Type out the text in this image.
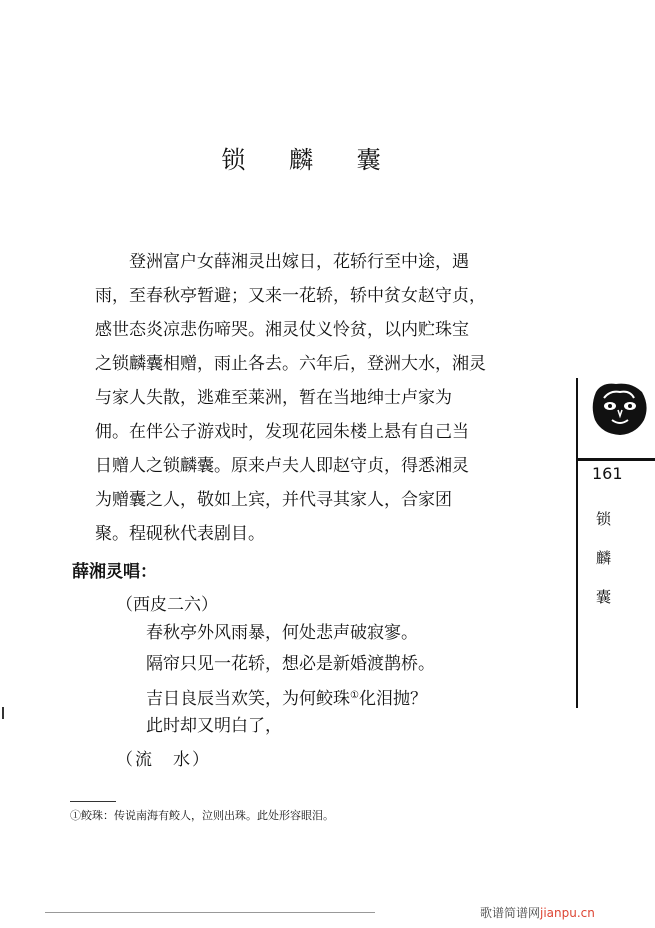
锁 麟 囊
登洲富户女薛湘灵出嫁日，花轿行至中途，遇
雨，至春秋亭暂避；又来一花轿，轿中贫女赵守贞，
感世态炎凉悲伤啼哭。湘灵仗义怜贫，以内贮珠宝
之锁麟囊相赠，雨止各去。六年后，登洲大水，湘灵
与家人失散，逃难至莱洲，暂在当地绅士卢家为
佣。在伴公子游戏时，发现花园朱楼上悬有自己当
日赠人之锁麟囊。原来卢夫人即赵守贞，得悉湘灵
为赠囊之人，敬如上宾，并代寻其家人，合家团
聚。程砚秋代表剧目。
薛湘灵唱：
（西皮二六）
春秋亭外风雨暴，何处悲声破寂寥。
隔帘只见一花轿，想必是新婚渡鹊桥。
吉日良辰当欢笑，为何鲛珠①化泪抛？
此时却又明白了，
（流　水）
①鲛珠：传说南海有鲛人，泣则出珠。此处形容眼泪。
161
锁
麟
囊
歌谱简谱网jianpu.cn
